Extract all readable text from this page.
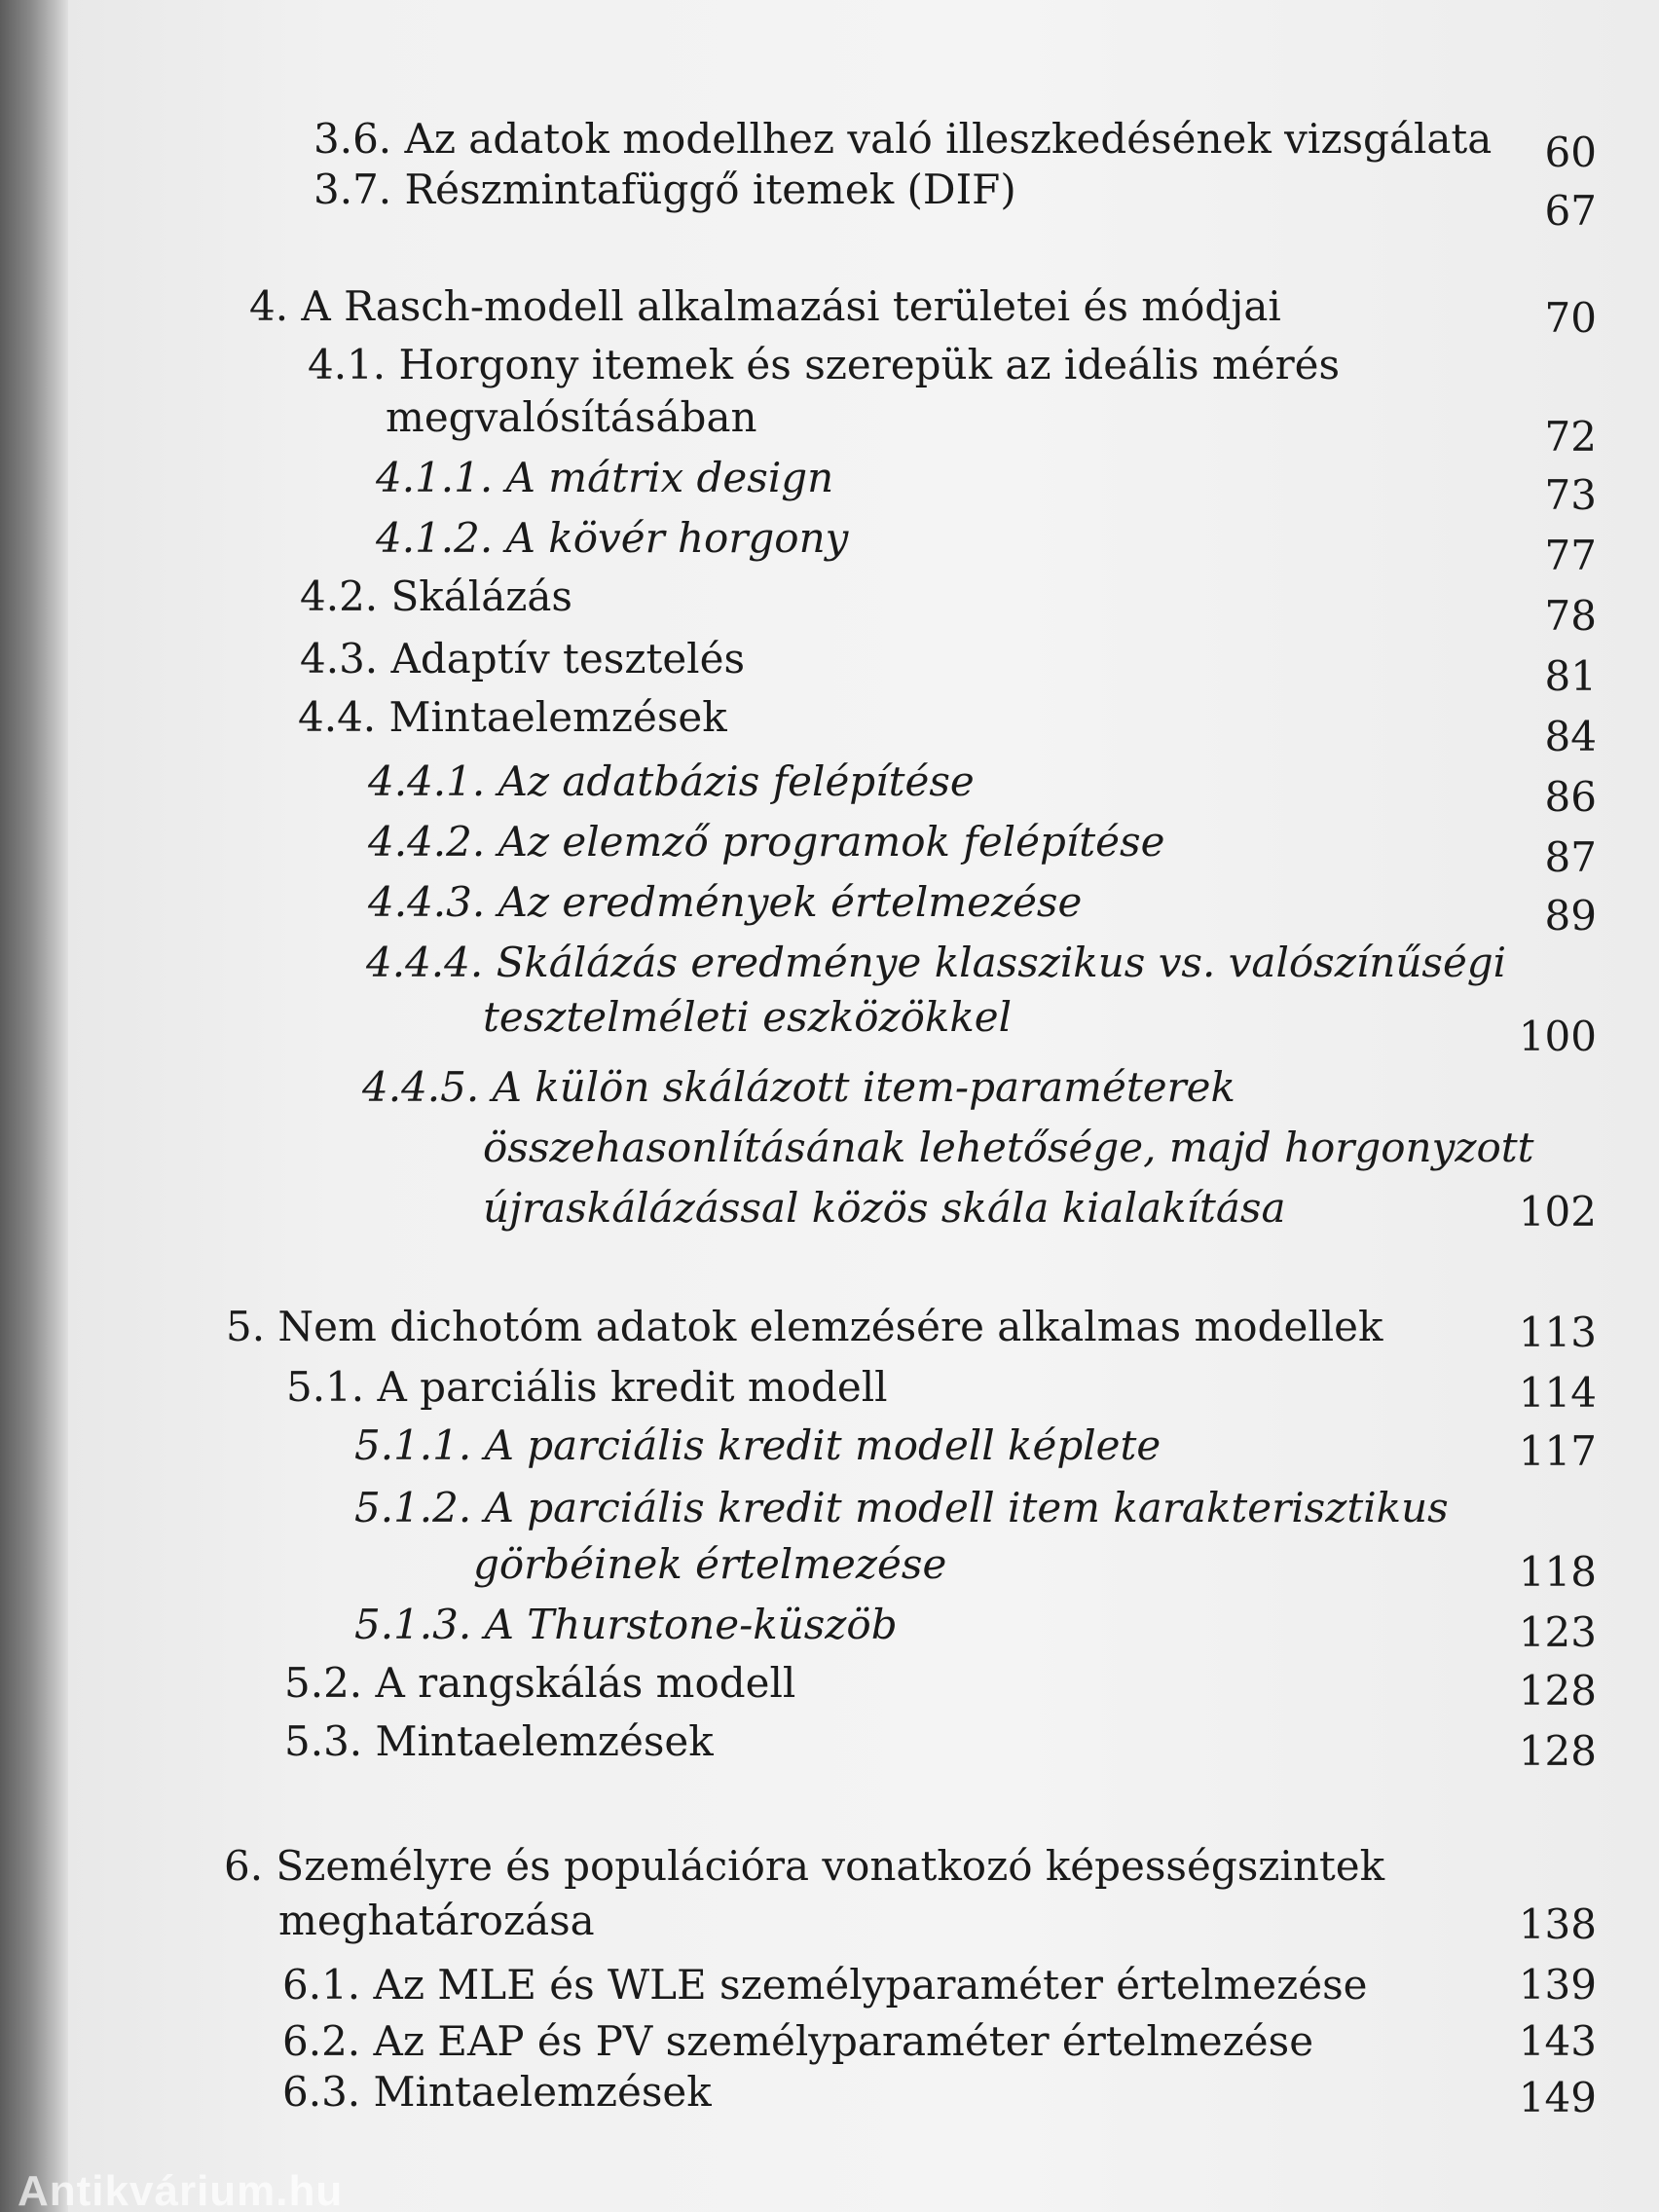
3.6. Az adatok modellhez való illeszkedésének vizsgálata 60
3.7. Részmintafüggő itemek (DIF)	67
4. A Rasch-modell alkalmazási területei és módjai	70
4.1. Horgony itemek és szerepük az ideális mérés
megvalósításában	72
4.1.1. A mátrix design	73
4.1.2. A kövér horgony	77
4.2. Skálázás	78
4.3. Adaptív tesztelés	81
4.4. Mintaelemzések	84
4.4.1. Az adatbázis felépítése	86
4.4.2. Az elemző programok felépítése	87
4.4.3. Az eredmények értelmezése	89
4.4.4. Skálázás eredménye klasszikus vs. valószínűségi
tesztelméleti eszközökkel	100
4.4.5. A külön skálázott item-paraméterek
összehasonlításának lehetősége, majd horgonyzott
újraskálázással közös skála kialakítása	102
5. Nem dichotóm adatok elemzésére alkalmas modellek	113
5.1. A parciális kredit modell	114
5.1.1. A parciális kredit modell képlete	117
5.1.2. A parciális kredit modell item karakterisztikus
görbéinek értelmezése	118
5.1.3. A Thurstone-küszöb	123
5.2. A rangskálás modell	128
5.3. Mintaelemzések	128
6. Személyre és populációra vonatkozó képességszintek
meghatározása	138
6.1. Az MLE és WLE személyparaméter értelmezése	139
6.2. Az EAP és PV személyparaméter értelmezése	143
6.3. Mintaelemzések	149
Antikvárium.hu
